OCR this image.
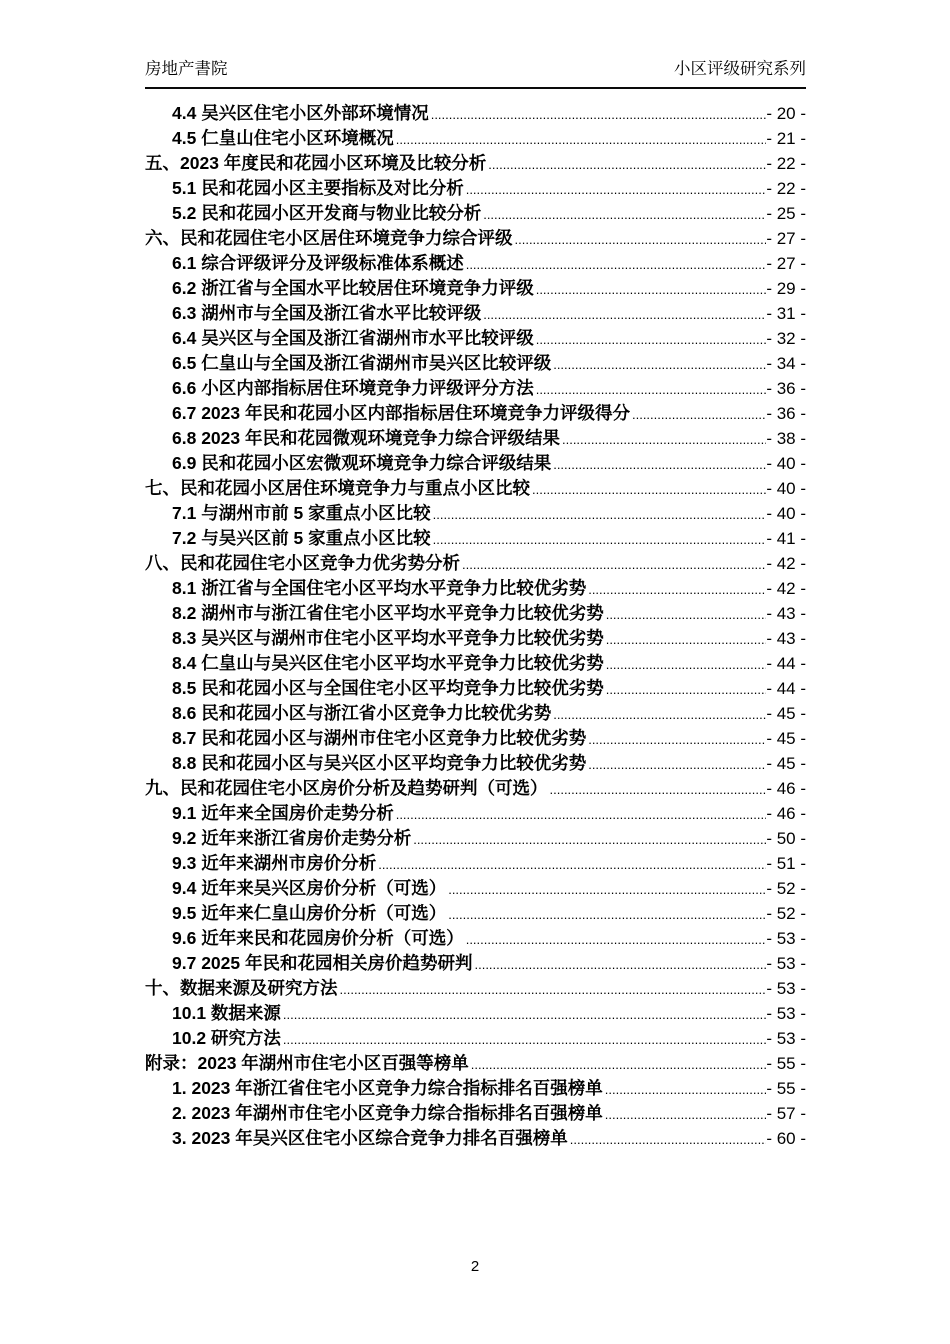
房地产書院	小区评级研究系列
4.4 吴兴区住宅小区外部环境情况 .....	- 20 -
4.5 仁皇山住宅小区环境概况 .....	- 21 -
五、2023 年度民和花园小区环境及比较分析 .....	- 22 -
5.1 民和花园小区主要指标及对比分析 .....	- 22 -
5.2 民和花园小区开发商与物业比较分析 .....	- 25 -
六、民和花园住宅小区居住环境竞争力综合评级 .....	- 27 -
6.1 综合评级评分及评级标准体系概述 .....	- 27 -
6.2 浙江省与全国水平比较居住环境竞争力评级 .....	- 29 -
6.3 湖州市与全国及浙江省水平比较评级 .....	- 31 -
6.4 吴兴区与全国及浙江省湖州市水平比较评级 .....	- 32 -
6.5 仁皇山与全国及浙江省湖州市吴兴区比较评级 .....	- 34 -
6.6 小区内部指标居住环境竞争力评级评分方法 .....	- 36 -
6.7 2023 年民和花园小区内部指标居住环境竞争力评级得分 .....	- 36 -
6.8 2023 年民和花园微观环境竞争力综合评级结果 .....	- 38 -
6.9 民和花园小区宏微观环境竞争力综合评级结果 .....	- 40 -
七、民和花园小区居住环境竞争力与重点小区比较 .....	- 40 -
7.1 与湖州市前 5 家重点小区比较 .....	- 40 -
7.2 与吴兴区前 5 家重点小区比较 .....	- 41 -
八、民和花园住宅小区竞争力优劣势分析 .....	- 42 -
8.1 浙江省与全国住宅小区平均水平竞争力比较优劣势 .....	- 42 -
8.2 湖州市与浙江省住宅小区平均水平竞争力比较优劣势 .....	- 43 -
8.3 吴兴区与湖州市住宅小区平均水平竞争力比较优劣势 .....	- 43 -
8.4 仁皇山与吴兴区住宅小区平均水平竞争力比较优劣势 .....	- 44 -
8.5 民和花园小区与全国住宅小区平均竞争力比较优劣势 .....	- 44 -
8.6 民和花园小区与浙江省小区竞争力比较优劣势 .....	- 45 -
8.7 民和花园小区与湖州市住宅小区竞争力比较优劣势 .....	- 45 -
8.8 民和花园小区与吴兴区小区平均竞争力比较优劣势 .....	- 45 -
九、民和花园住宅小区房价分析及趋势研判（可选） .....	- 46 -
9.1 近年来全国房价走势分析 .....	- 46 -
9.2 近年来浙江省房价走势分析 .....	- 50 -
9.3 近年来湖州市房价分析 .....	- 51 -
9.4 近年来吴兴区房价分析（可选） .....	- 52 -
9.5 近年来仁皇山房价分析（可选） .....	- 52 -
9.6 近年来民和花园房价分析（可选） .....	- 53 -
9.7 2025 年民和花园相关房价趋势研判 .....	- 53 -
十、数据来源及研究方法 .....	- 53 -
10.1 数据来源 .....	- 53 -
10.2 研究方法 .....	- 53 -
附录：2023 年湖州市住宅小区百强等榜单 .....	- 55 -
1. 2023 年浙江省住宅小区竞争力综合指标排名百强榜单 .....	- 55 -
2. 2023 年湖州市住宅小区竞争力综合指标排名百强榜单 .....	- 57 -
3. 2023 年吴兴区住宅小区综合竞争力排名百强榜单 .....	- 60 -
2
